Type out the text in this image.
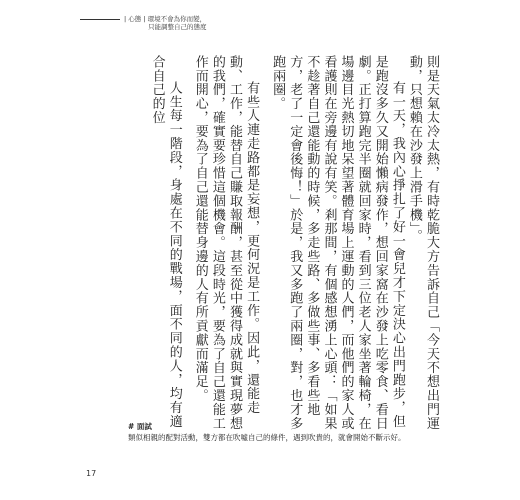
| 心態 | 環境不會為你而變，
只能調整自己的態度

則是天氣太冷太熱，有時乾脆大方告訴自己「今天不想出門運動，只想賴在沙發上滑手機」。

有一天，我內心掙扎了好一會兒才下定決心出門跑步，但是跑沒多久又開始懶病發作，想回家窩在沙發上吃零食、看日劇。正打算跑完半圈就回家時，看到三位老人家坐著輪椅，在場邊目光熱切地呆望著體育場上運動的人們，而他們的家人或看護則在旁邊有說有笑。剎那間，有個感想湧上心頭：「如果不趁著自己還能動的時候，多走些路、多做些事、多看些地方，老了一定會後悔！」於是，我又多跑了兩圈，對，也才多跑兩圈。

有些人連走路都是妄想，更何況是工作。因此，還能走動、工作，能替自己賺取報酬，甚至從中獲得成就與實現夢想的我們，確實要珍惜這個機會。這段時光，要為了自己還能工作而開心，要為了自己還能替身邊的人有所貢獻而滿足。

人生每一階段，身處在不同的戰場，面不同的人，均有適合自己的位

# 面試
類似相親的配對活動，雙方都在吹噓自己的條件，遇到吹貴的，就會開始不斷示好。
17
